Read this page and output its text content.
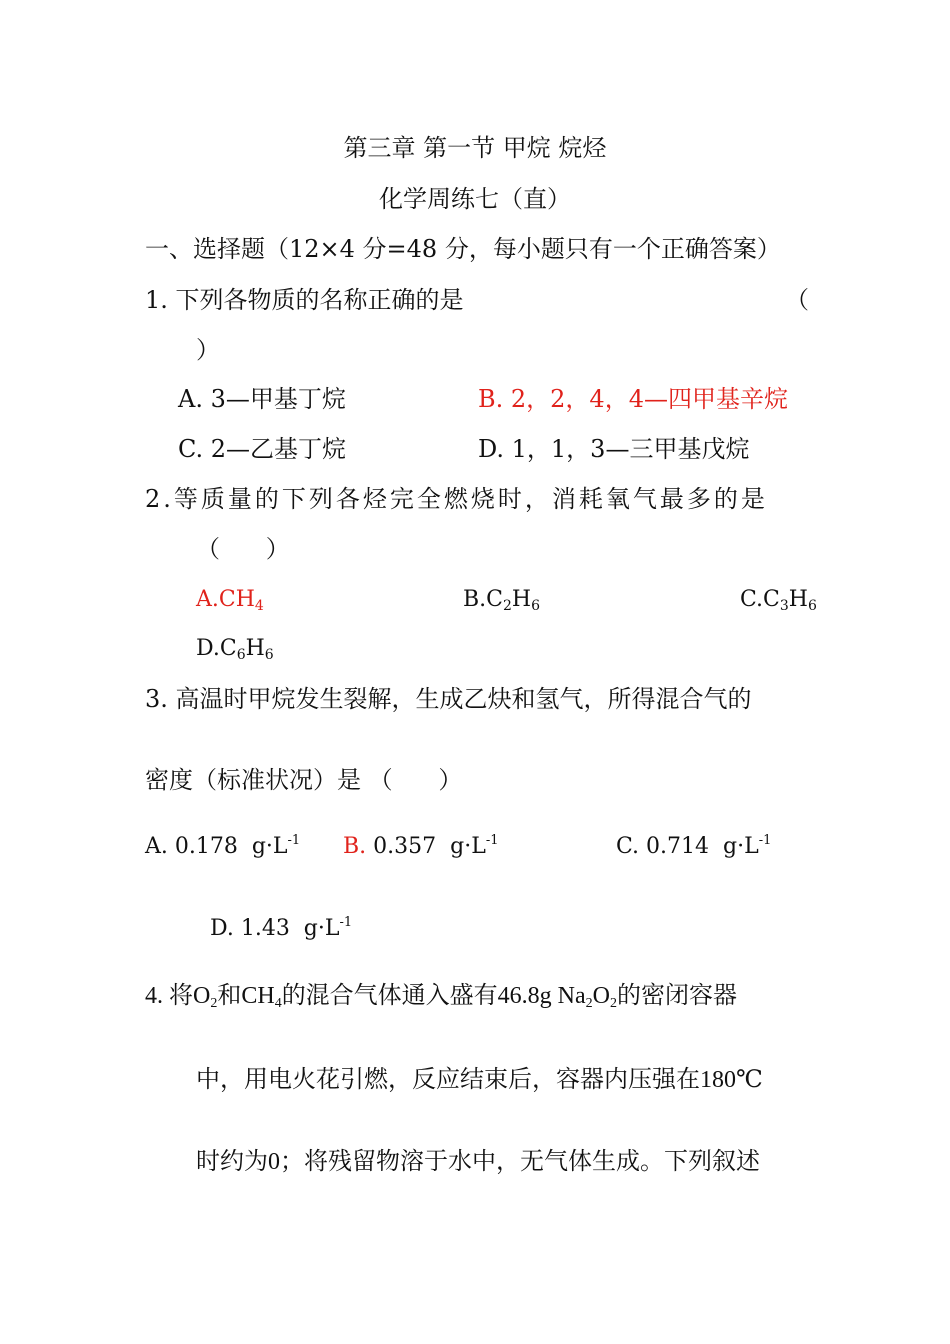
第三章 第一节 甲烷 烷烃
化学周练七（直）
一、选择题（12×4 分=48 分，每小题只有一个正确答案）
1. 下列各物质的名称正确的是	（
）
A. 3—甲基丁烷	B. 2，2，4，4—四甲基辛烷
C. 2—乙基丁烷	D. 1，1，3—三甲基戊烷
2.等质量的下列各烃完全燃烧时，消耗氧气最多的是
（      ）
$A.CH_4$	$B.C_2H_6$	$C.C_3H_6$
$D.C_6H_6$
3. 高温时甲烷发生裂解，生成乙炔和氢气，所得混合气的
密度（标准状况）是 （      ）
A. 0.178  $g\cdot L^{-1}$ B. 0.357  $g\cdot L^{-1}$	C. 0.714  $g\cdot L^{-1}$
D. 1.43  $g\cdot L^{-1}$
4. 将$O_2$和$CH_4$的混合气体通入盛有46.8g $Na_2O_2$的密闭容器
中，用电火花引燃，反应结束后，容器内压强在180℃
时约为0；将残留物溶于水中，无气体生成。下列叙述
